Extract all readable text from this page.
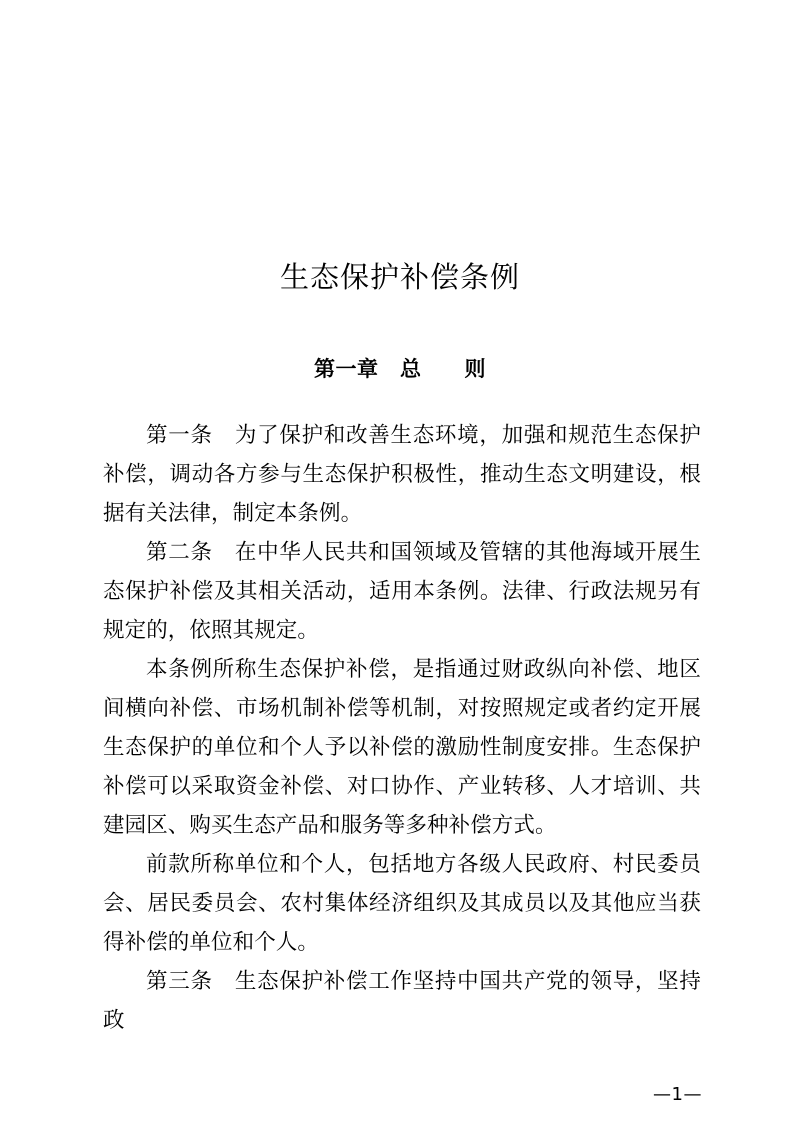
生态保护补偿条例
第一章　总　　则

第一条　 为了保护和改善生态环境，加强和规范生态保护补偿，调动各方参与生态保护积极性，推动生态文明建设，根据有关法律，制定本条例。

第二条　 在中华人民共和国领域及管辖的其他海域开展生态保护补偿及其相关活动，适用本条例。法律、行政法规另有规定的，依照其规定。

本条例所称生态保护补偿，是指通过财政纵向补偿、地区间横向补偿、市场机制补偿等机制，对按照规定或者约定开展生态保护的单位和个人予以补偿的激励性制度安排。生态保护补偿可以采取资金补偿、对口协作、产业转移、人才培训、共建园区、购买生态产品和服务等多种补偿方式。

前款所称单位和个人，包括地方各级人民政府、村民委员会、居民委员会、农村集体经济组织及其成员以及其他应当获得补偿的单位和个人。

第三条　 生态保护补偿工作坚持中国共产党的领导，坚持政

—1—
